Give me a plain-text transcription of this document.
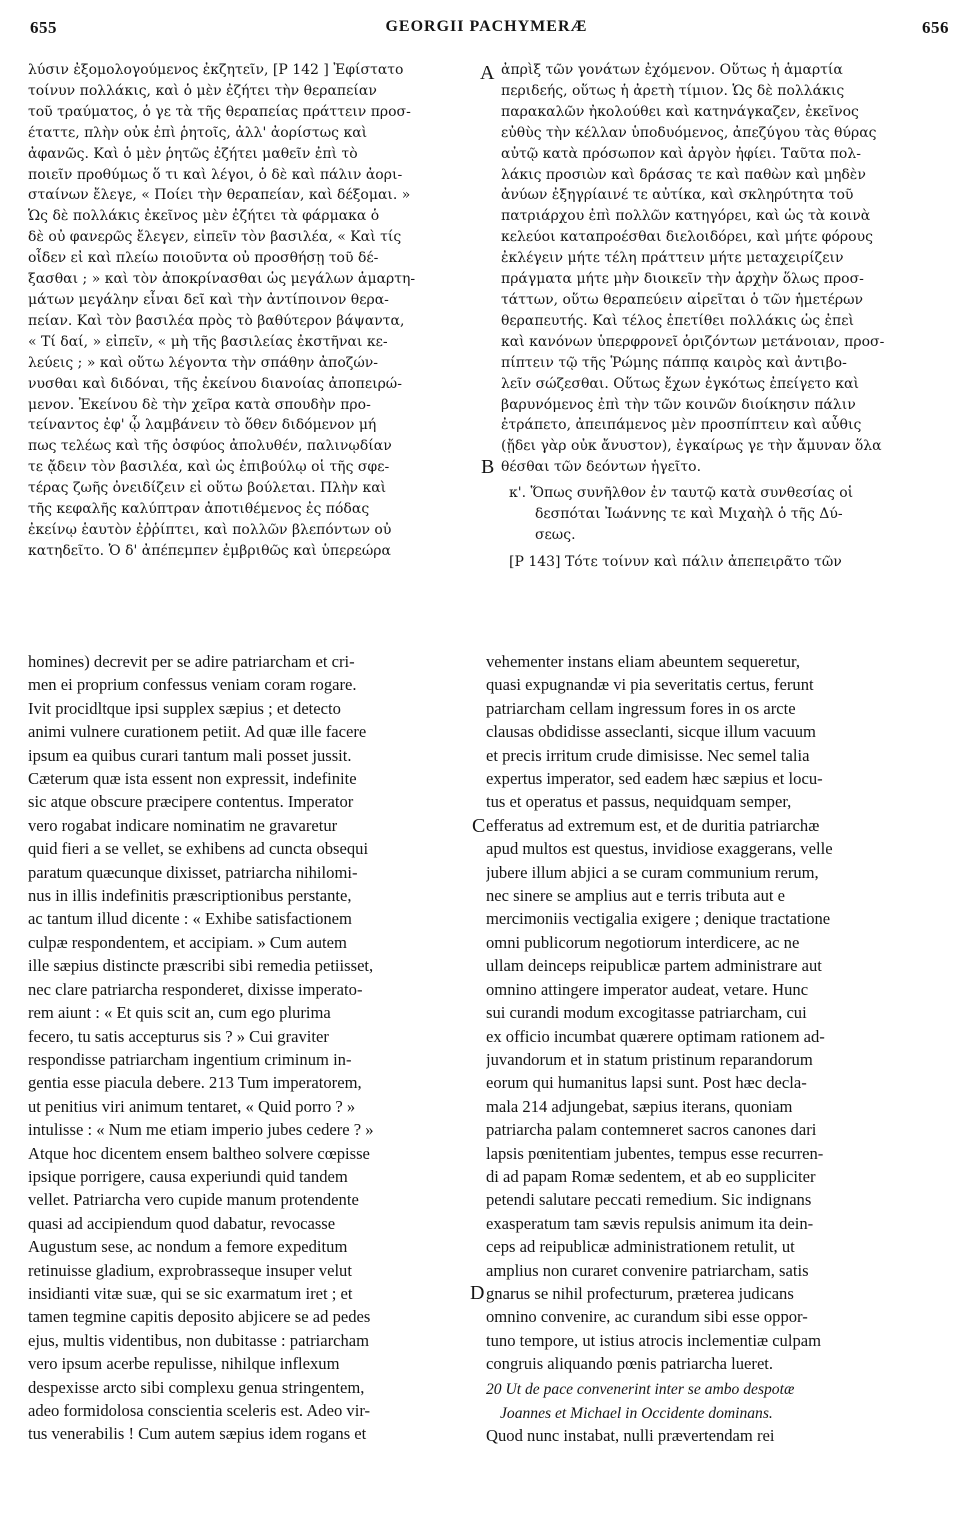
655	GEORGII PACHYMERÆ	656
A
B
C
D
λύσιν ἐξομολογούμενος ἐκζητεῖν, [P 142 ] Ἐφίστατο
τοίνυν πολλάκις, καὶ ὁ μὲν ἐζήτει τὴν θεραπείαν
τοῦ τραύματος, ὁ γε τὰ τῆς θεραπείας πράττειν προσ-
έταττε, πλὴν οὐκ ἐπὶ ῥητοῖς, ἀλλ' ἀορίστως καὶ
ἀφανῶς. Καὶ ὁ μὲν ῥητῶς ἐζήτει μαθεῖν ἐπὶ τὸ
ποιεῖν προθύμως ὅ τι καὶ λέγοι, ὁ δὲ καὶ πάλιν ἀορι-
σταίνων ἔλεγε, « Ποίει τὴν θεραπείαν, καὶ δέξομαι. »
Ὡς δὲ πολλάκις ἐκεῖνος μὲν ἐζήτει τὰ φάρμακα ὁ
δὲ οὐ φανερῶς ἔλεγεν, εἰπεῖν τὸν βασιλέα, « Καὶ τίς
οἶδεν εἰ καὶ πλείω ποιοῦντα οὐ προσθήσῃ τοῦ δέ-
ξασθαι ; » καὶ τὸν ἀποκρίνασθαι ὡς μεγάλων ἁμαρτη-
μάτων μεγάλην εἶναι δεῖ καὶ τὴν ἀντίποινον θερα-
πείαν. Καὶ τὸν βασιλέα πρὸς τὸ βαθύτερον βάψαντα,
« Τί δαί, » εἰπεῖν, « μὴ τῆς βασιλείας ἐκστῆναι κε-
λεύεις ; » καὶ οὕτω λέγοντα τὴν σπάθην ἀποζών-
νυσθαι καὶ διδόναι, τῆς ἐκείνου διανοίας ἀποπειρώ-
μενον. Ἐκείνου δὲ τὴν χεῖρα κατὰ σπουδὴν προ-
τείναντος ἐφ' ᾧ λαμβάνειν τὸ ὅθεν διδόμενον μή
πως τελέως καὶ τῆς ὀσφύος ἀπολυθέν, παλινῳδίαν
τε ᾄδειν τὸν βασιλέα, καὶ ὡς ἐπιβούλῳ οἱ τῆς σφε-
τέρας ζωῆς ὀνειδίζειν εἰ οὕτω βούλεται. Πλὴν καὶ
τῆς κεφαλῆς καλύπτραν ἀποτιθέμενος ἐς πόδας
ἐκείνῳ ἑαυτὸν ἐῤῥίπτει, καὶ πολλῶν βλεπόντων οὐ
κατηδεῖτο. Ὁ δ' ἀπέπεμπεν ἐμβριθῶς καὶ ὑπερεώρα
ἀπρὶξ τῶν γονάτων ἐχόμενον. Οὕτως ἡ ἁμαρτία
περιδεής, οὕτως ἡ ἀρετὴ τίμιον. Ὡς δὲ πολλάκις
παρακαλῶν ἠκολούθει καὶ κατηνάγκαζεν, ἐκεῖνος
εὐθὺς τὴν κέλλαν ὑποδυόμενος, ἀπεζύγου τὰς θύρας
αὐτῷ κατὰ πρόσωπον καὶ ἀργὸν ἠφίει. Ταῦτα πολ-
λάκις προσιὼν καὶ δράσας τε καὶ παθὼν καὶ μηδὲν
ἀνύων ἐξηγρίαινέ τε αὐτίκα, καὶ σκληρύτητα τοῦ
πατριάρχου ἐπὶ πολλῶν κατηγόρει, καὶ ὡς τὰ κοινὰ
κελεύοι καταπροέσθαι διελοιδόρει, καὶ μήτε φόρους
ἐκλέγειν μήτε τέλη πράττειν μήτε μεταχειρίζειν
πράγματα μήτε μὴν διοικεῖν τὴν ἀρχὴν ὅλως προσ-
τάττων, οὕτω θεραπεύειν αἱρεῖται ὁ τῶν ἡμετέρων
θεραπευτής. Καὶ τέλος ἐπετίθει πολλάκις ὡς ἐπεὶ
καὶ κανόνων ὑπερφρονεῖ ὁριζόντων μετάνοιαν, προσ-
πίπτειν τῷ τῆς Ῥώμης πάππᾳ καιρὸς καὶ ἀντιβο-
λεῖν σώζεσθαι. Οὕτως ἔχων ἐγκότως ἐπείγετο καὶ
βαρυνόμενος ἐπὶ τὴν τῶν κοινῶν διοίκησιν πάλιν
ἐτράπετο, ἀπειπάμενος μὲν προσπίπτειν καὶ αὖθις
(ᾔδει γὰρ οὐκ ἄνυστον), ἐγκαίρως γε τὴν ἄμυναν ὅλα
θέσθαι τῶν δεόντων ἡγεῖτο.
κ'. Ὅπως συνῆλθον ἐν ταυτῷ κατὰ συνθεσίας οἱ
δεσπόται Ἰωάννης τε καὶ Μιχαὴλ ὁ τῆς Δύ-
σεως.
[P 143] Τότε τοίνυν καὶ πάλιν ἀπεπειρᾶτο τῶν
homines) decrevit per se adire patriarcham et cri-
men ei proprium confessus veniam coram rogare.
Ivit procidltque ipsi supplex sæpius ; et detecto
animi vulnere curationem petiit. Ad quæ ille facere
ipsum ea quibus curari tantum mali posset jussit.
Cæterum quæ ista essent non expressit, indefinite
sic atque obscure præcipere contentus. Imperator
vero rogabat indicare nominatim ne gravaretur
quid fieri a se vellet, se exhibens ad cuncta obsequi
paratum quæcunque dixisset, patriarcha nihilomi-
nus in illis indefinitis præscriptionibus perstante,
ac tantum illud dicente : « Exhibe satisfactionem
culpæ respondentem, et accipiam. » Cum autem
ille sæpius distincte præscribi sibi remedia petiisset,
nec clare patriarcha responderet, dixisse imperato-
rem aiunt : « Et quis scit an, cum ego plurima
fecero, tu satis accepturus sis ? » Cui graviter
respondisse patriarcham ingentium criminum in-
gentia esse piacula debere. 213 Tum imperatorem,
ut penitius viri animum tentaret, « Quid porro ? »
intulisse : « Num me etiam imperio jubes cedere ? »
Atque hoc dicentem ensem baltheo solvere cœpisse
ipsique porrigere, causa experiundi quid tandem
vellet. Patriarcha vero cupide manum protendente
quasi ad accipiendum quod dabatur, revocasse
Augustum sese, ac nondum a femore expeditum
retinuisse gladium, exprobrasseque insuper velut
insidianti vitæ suæ, qui se sic exarmatum iret ; et
tamen tegmine capitis deposito abjicere se ad pedes
ejus, multis videntibus, non dubitasse : patriarcham
vero ipsum acerbe repulisse, nihilque inflexum
despexisse arcto sibi complexu genua stringentem,
adeo formidolosa conscientia sceleris est. Adeo vir-
tus venerabilis ! Cum autem sæpius idem rogans et
vehementer instans eliam abeuntem sequeretur,
quasi expugnandæ vi pia severitatis certus, ferunt
patriarcham cellam ingressum fores in os arcte
clausas obdidisse asseclanti, sicque illum vacuum
et precis irritum crude dimisisse. Nec semel talia
expertus imperator, sed eadem hæc sæpius et locu-
tus et operatus et passus, nequidquam semper,
efferatus ad extremum est, et de duritia patriarchæ
apud multos est questus, invidiose exaggerans, velle
jubere illum abjici a se curam communium rerum,
nec sinere se amplius aut e terris tributa aut e
mercimoniis vectigalia exigere ; denique tractatione
omni publicorum negotiorum interdicere, ac ne
ullam deinceps reipublicæ partem administrare aut
omnino attingere imperator audeat, vetare. Hunc
sui curandi modum excogitasse patriarcham, cui
ex officio incumbat quærere optimam rationem ad-
juvandorum et in statum pristinum reparandorum
eorum qui humanitus lapsi sunt. Post hæc decla-
mala 214 adjungebat, sæpius iterans, quoniam
patriarcha palam contemneret sacros canones dari
lapsis pœnitentiam jubentes, tempus esse recurren-
di ad papam Romæ sedentem, et ab eo suppliciter
petendi salutare peccati remedium. Sic indignans
exasperatum tam sævis repulsis animum ita dein-
ceps ad reipublicæ administrationem retulit, ut
amplius non curaret convenire patriarcham, satis
gnarus se nihil profecturum, præterea judicans
omnino convenire, ac curandum sibi esse oppor-
tuno tempore, ut istius atrocis inclementiæ culpam
congruis aliquando pœnis patriarcha lueret.
20 Ut de pace convenerint inter se ambo despotæ
Joannes et Michael in Occidente dominans.
Quod nunc instabat, nulli prævertendam rei
